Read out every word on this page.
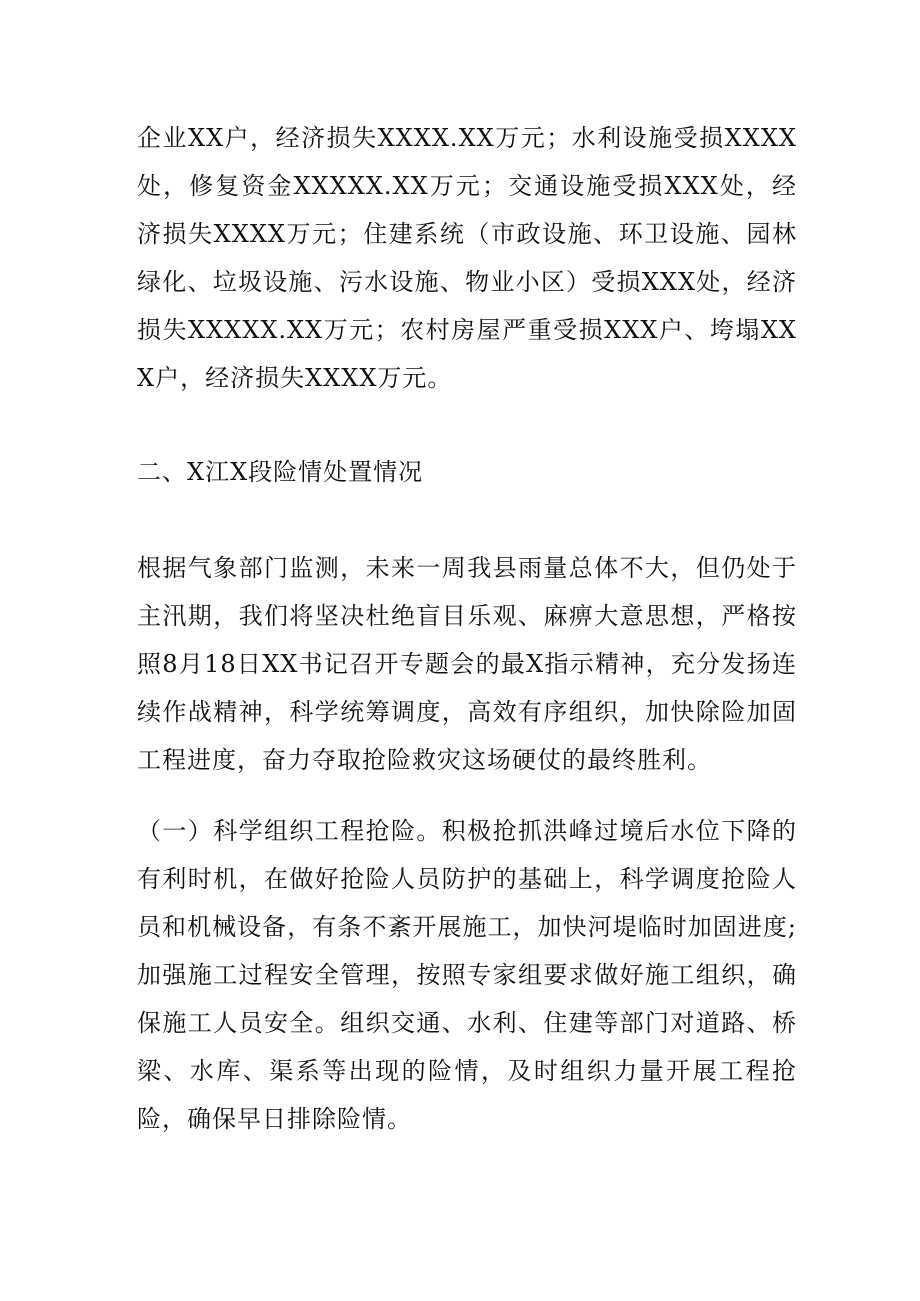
企业XX户，经济损失XXXX.XX万元；水利设施受损XXXX处，修复资金XXXXX.XX万元；交通设施受损XXX处，经济损失XXXX万元；住建系统（市政设施、环卫设施、园林绿化、垃圾设施、污水设施、物业小区）受损XXX处，经济损失XXXXX.XX万元；农村房屋严重受损XXX户、垮塌XXX户，经济损失XXXX万元。

二、X江X段险情处置情况

根据气象部门监测，未来一周我县雨量总体不大，但仍处于主汛期，我们将坚决杜绝盲目乐观、麻痹大意思想，严格按照8月18日XX书记召开专题会的最X指示精神，充分发扬连续作战精神，科学统筹调度，高效有序组织，加快除险加固工程进度，奋力夺取抢险救灾这场硬仗的最终胜利。

（一）科学组织工程抢险。积极抢抓洪峰过境后水位下降的有利时机，在做好抢险人员防护的基础上，科学调度抢险人员和机械设备，有条不紊开展施工，加快河堤临时加固进度;加强施工过程安全管理，按照专家组要求做好施工组织，确保施工人员安全。组织交通、水利、住建等部门对道路、桥梁、水库、渠系等出现的险情，及时组织力量开展工程抢险，确保早日排除险情。
